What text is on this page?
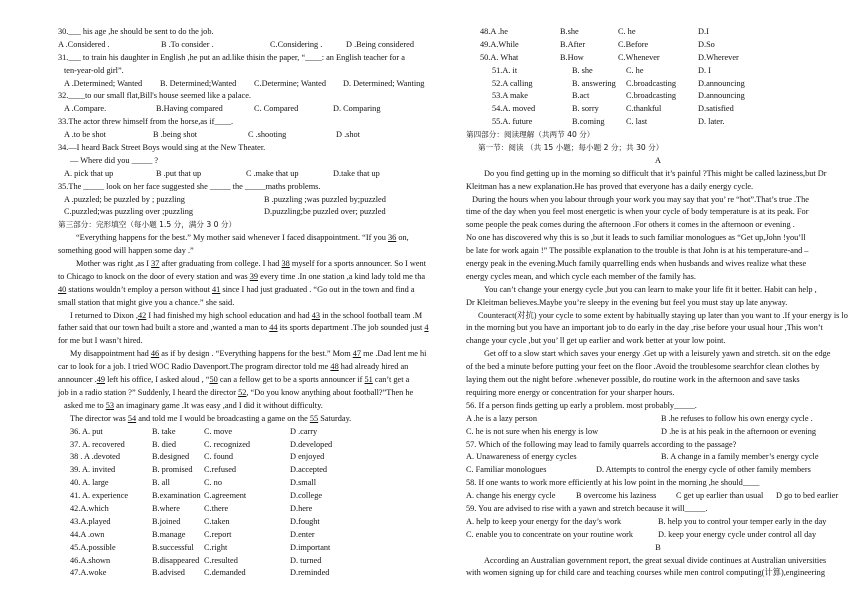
30.___ his age ,he should be sent to do the job.
A .Considered .	B .To consider .	C.Considering .	D .Being considered
31.___ to train his daughter in English ,he put an ad.like thisin the paper, “____: an English teacher for a
ten-year-old girl”.
A .Determined; Wanted B. Determined;Wanted C.Determine; Wanted D. Determined; Wanting
32.____to our small flat,Bill's house seemed like a palace.
A .Compare.	B.Having compared	C. Compared	D. Comparing
33.The actor threw himself from the horse,as if____.
A .to be shot	B .being shot	C .shooting	D .shot
34.—I heard Back Street Boys would sing at the New Theater.
— Where did you _____ ?
A. pick that up	B .put that up	C .make that up	D.take that up
35.The _____ look on her face suggested she _____ the _____maths problems.
A .puzzled; be puzzled by ; puzzling	B .puzzling ;was puzzled by;puzzled
C.puzzled;was puzzling over ;puzzling	D.puzzling;be puzzled over; puzzled
第三部分：完形填空（每小题 1.5 分，满分 3 0 分）
“Everything happens for the best.” My mother said whenever I faced disappointment. “If you 36 on,
something good will happen some day .”
Mother was right ,as I 37 after graduating from college. I had 38 myself for a sports announcer. So I went
to Chicago to knock on the door of every station and was 39 every time .In one station ,a kind lady told me tha
40 stations wouldn’t employ a person without 41 since I had just graduated . “Go out in the town and find a
small station that might give you a chance.” she said.
I returned to Dixon ,42 I had finished my high school education and had 43 in the school football team .M
father said that our town had built a store and ,wanted a man to 44 its sports department .The job sounded just 4
for me but I wasn’t hired.
My disappointment had 46 as if by design . “Everything happens for the best.” Mom 47 me .Dad lent me hi
car to look for a job. I tried WOC Radio Davenport.The program director told me 48 had already hired an
announcer .49 left his office, I asked aloud , “50 can a fellow get to be a sports announcer if 51 can’t get a
job in a radio station ?” Suddenly, I heard the director 52, “Do you know anything about football?”Then he
asked me to 53 an imaginary game .It was easy ,and I did it without difficulty.
The director was 54 and told me I would be broadcasting a game on the 55 Saturday.
36. A. put	B. take	C. move	D .carry
37. A. recovered	B. died	C. recognized	D.developed
38 . A .devoted	B.designed C. found	D enjoyed
39. A. invited	B. promised C.refused	D.accepted
40. A. large	B. all	C. no	D.small
41. A. experience	B.examination C.agreement	D.college
42.A.which	B.where	C.there	D.here
43.A.played	B.joined	C.taken	D.fought
44.A .own	B.manage C.report	D.enter
45.A.possible	B.successful C.right	D.important
46.A.shown	B.disappeared C.resulted	D. turned
47.A.woke	B.advised C.demanded	D.reminded
48.A .he	B.she	C. he	D.I
49.A.While	B.After	C.Before	D.So
50.A. What	B.How	C.Whenever	D.Wherever
51.A. it	B. she	C. he	D. I
52.A calling	B. answering C.broadcasting	D.announcing
53.A make	B.act	C.broadcasting	D.announcing
54.A. moved	B. sorry	C.thankful	D.satisfied
55.A. future	B.coming	C. last	D. later.
第四部分：阅读理解（共两节 40 分）
第一节：阅读 （共 15 小题；每小题 2 分；共 30 分）
A
Do you find getting up in the morning so difficult that it’s painful ?This might be called laziness,but Dr
Kleitman has a new explanation.He has proved that everyone has a daily energy cycle.
During the hours when you labour through your work you may say that you’ re “hot”.That’s true .The
time of the day when you feel most energetic is when your cycle of body temperature is at its peak. For
some people the peak comes during the afternoon .For others it comes in the afternoon or evening .
No one has discovered why this is so ,but it leads to such familiar monologues as “Get up,John !you’ll
be late for work again !” The possible explanation to the trouble is that John is at his temperature-and –
energy peak in the evening.Much family quarrelling ends when husbands and wives realize what these
energy cycles mean, and which cycle each member of the family has.
You can’t change your energy cycle ,but you can learn to make your life fit it better. Habit can help ,
Dr Kleitman believes.Maybe you’re sleepy in the evening but feel you must stay up late anyway.
Counteract(对抗) your cycle to some extent by habitually staying up later than you want to .If your energy is lo
in the morning but you have an important job to do early in the day ,rise before your usual hour ,This won’t
change your cycle ,but you’ ll get up earlier and work better at your low point.
Get off to a slow start which saves your energy .Get up with a leisurely yawn and stretch. sit on the edge
of the bed a minute before putting your feet on the floor .Avoid the troublesome searchfor clean clothes by
laying them out the night before .whenever possible, do routine work in the afternoon and save tasks
requiring more energy or concentration for your sharper hours.
56. If a person finds getting up early a problem. most probably_____.
A .he is a lazy person	B .he refuses to follow his own energy cycle .
C. he is not sure when his energy is low	D .he is at his peak in the afternoon or evening
57. Which of the following may lead to family quarrels according to the passage?
A. Unawareness of energy cycles	B. A change in a family member’s energy cycle
C. Familiar monologues	D. Attempts to control the energy cycle of other family members
58. If one wants to work more efficiently at his low point in the morning ,he should____
A. change his energy cycle B overcome his laziness C get up earlier than usual D go to bed earlier
59. You are advised to rise with a yawn and stretch because it will_____.
A. help to keep your energy for the day’s work	B. help you to control your temper early in the day
C. enable you to concentrate on your routine work	D. keep your energy cycle under control all day
B
According an Australian government report, the great sexual divide continues at Australian universities
with women signing up for child care and teaching courses while men control computing(计算),engineering
